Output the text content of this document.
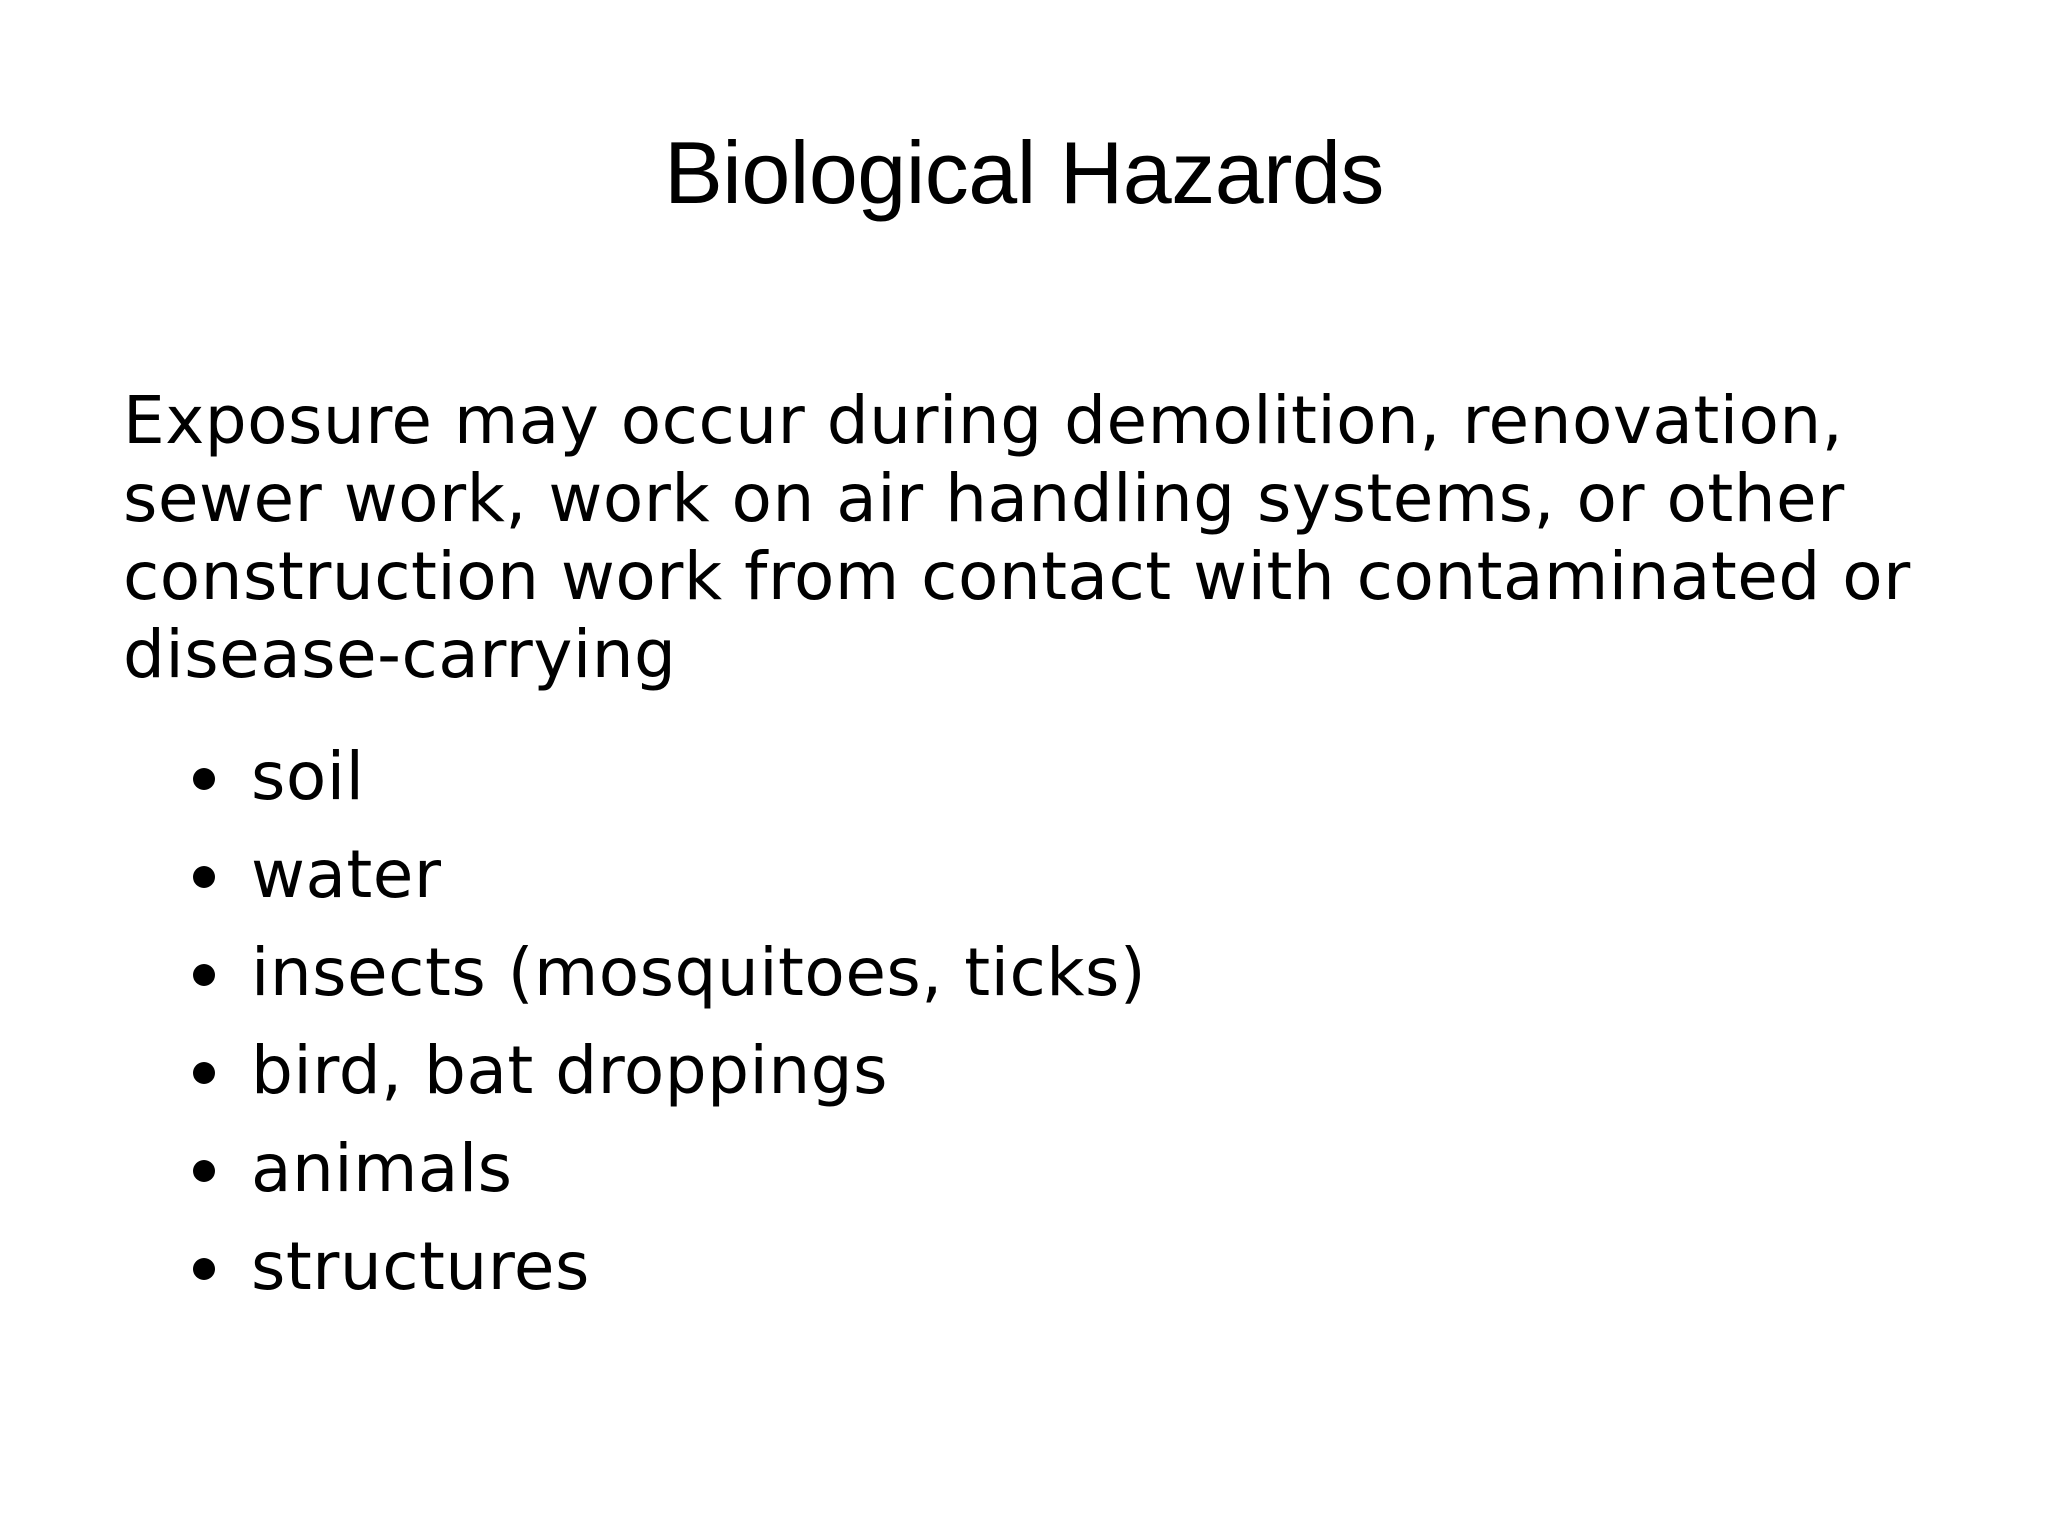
Biological Hazards

Exposure may occur during demolition, renovation, sewer work, work on air handling systems, or other construction work from contact with contaminated or disease-carrying

soil
water
insects (mosquitoes, ticks)
bird, bat droppings
animals
structures
